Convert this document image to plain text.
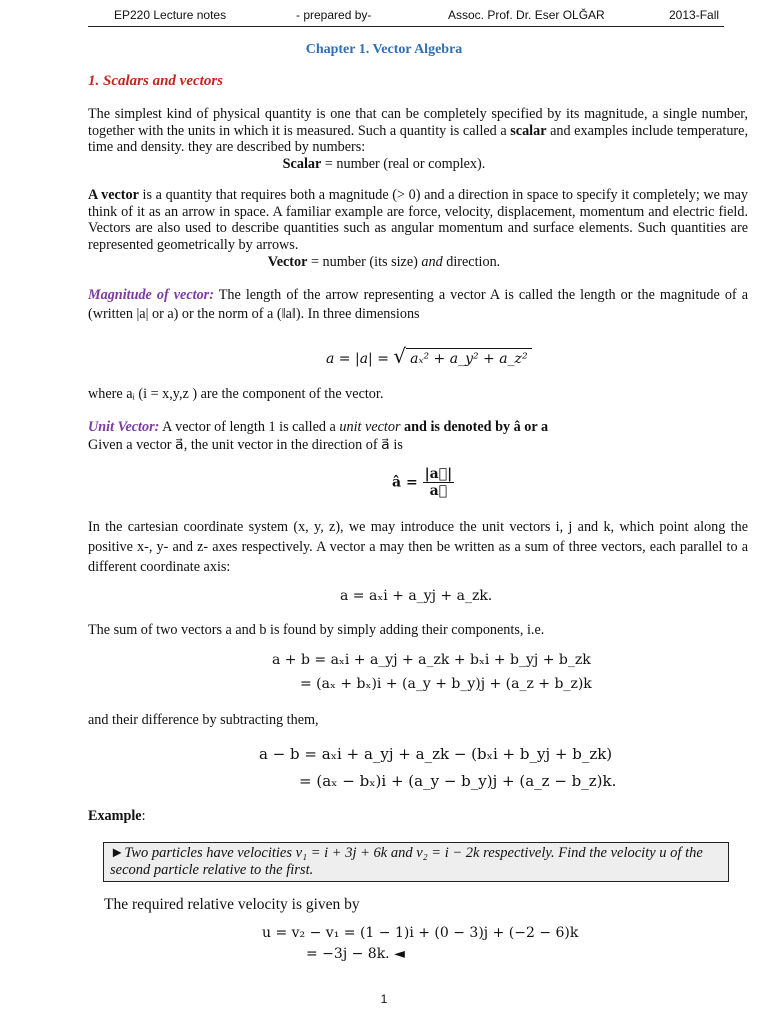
EP220 Lecture notes	- prepared by-	Assoc. Prof. Dr. Eser OLĞAR	2013-Fall
Chapter 1. Vector Algebra
1. Scalars and vectors
The simplest kind of physical quantity is one that can be completely specified by its magnitude, a single number, together with the units in which it is measured. Such a quantity is called a scalar and examples include temperature, time and density. they are described by numbers:
Scalar = number (real or complex).
A vector is a quantity that requires both a magnitude (> 0) and a direction in space to specify it completely; we may think of it as an arrow in space. A familiar example are force, velocity, displacement, momentum and electric field. Vectors are also used to describe quantities such as angular momentum and surface elements. Such quantities are represented geometrically by arrows.
Vector = number (its size) and direction.
Magnitude of vector: The length of the arrow representing a vector A is called the length or the magnitude of a (written |a| or a) or the norm of a (‖a‖). In three dimensions
a = |a| = √ aₓ² + a_y² + a_z²
where aᵢ (i = x,y,z ) are the component of the vector.
Unit Vector: A vector of length 1 is called a unit vector and is denoted by â or a⃗
Given a vector a⃗, the unit vector in the direction of a⃗ is
â = $\frac{|a⃗|}{a⃗}$
In the cartesian coordinate system (x, y, z), we may introduce the unit vectors i, j and k, which point along the positive x-, y- and z- axes respectively. A vector a may then be written as a sum of three vectors, each parallel to a different coordinate axis:
a = aₓi + a_yj + a_zk.
The sum of two vectors a and b is found by simply adding their components, i.e.
a + b = aₓi + a_yj + a_zk + bₓi + b_yj + b_zk
= (aₓ + bₓ)i + (a_y + b_y)j + (a_z + b_z)k
and their difference by subtracting them,
a − b = aₓi + a_yj + a_zk − (bₓi + b_yj + b_zk)
= (aₓ − bₓ)i + (a_y − b_y)j + (a_z − b_z)k.
Example:
►Two particles have velocities v₁ = i + 3j + 6k and v₂ = i − 2k respectively. Find the velocity u of the second particle relative to the first.
The required relative velocity is given by
u = v₂ − v₁ = (1 − 1)i + (0 − 3)j + (−2 − 6)k
= −3j − 8k. ◄
1
